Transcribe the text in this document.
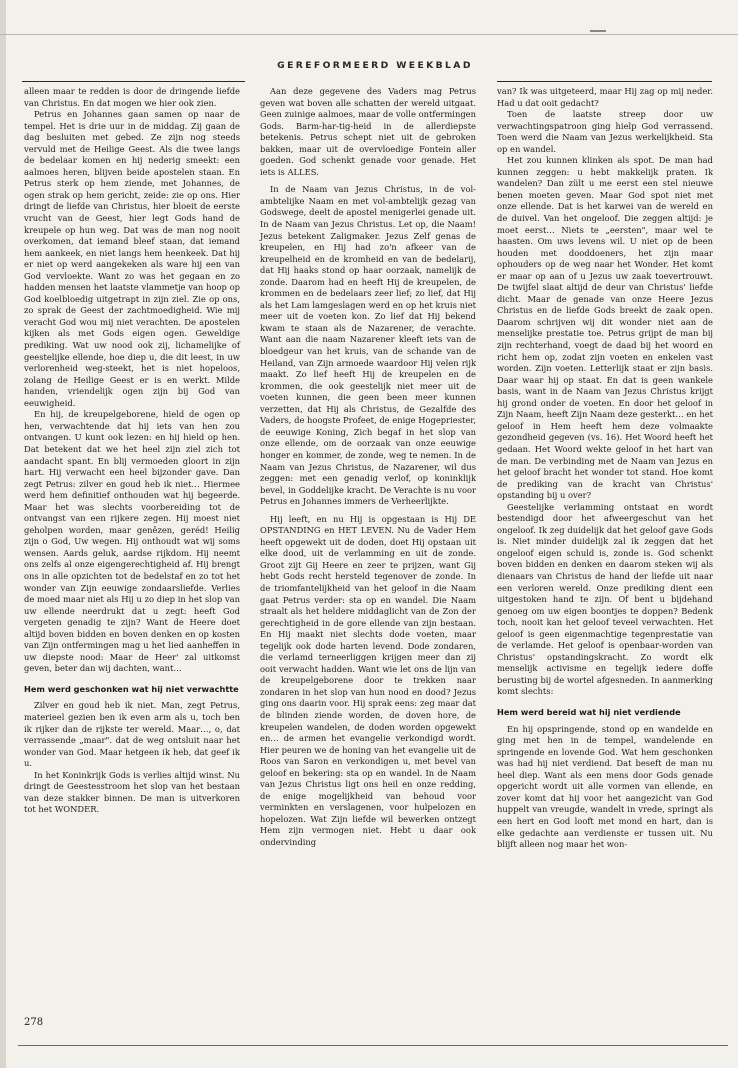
GEREFORMEERD WEEKBLAD

alleen maar te redden is door de dringende liefde van Christus. En dat mogen we hier ook zien.

Petrus en Johannes gaan samen op naar de tempel. Het is drie uur in de middag. Zij gaan de dag besluiten met gebed. Ze zijn nog steeds vervuld met de Heilige Geest. Als die twee langs de bedelaar komen en hij nederig smeekt: een aalmoes heren, blijven beide apostelen staan. En Petrus sterk op hem ziende, met Johannes, de ogen strak op hem gericht, zeide: zie op ons. Hier dringt de liefde van Christus, hier bloeit de eerste vrucht van de Geest, hier legt Gods hand de kreupele op hun weg. Dat was de man nog nooit overkomen, dat iemand bleef staan, dat iemand hem aankeek, en niet langs hem heenkeek. Dat hij er niet op werd aangekeken als ware hij een van God vervloekte. Want zo was het gegaan en zo hadden mensen het laatste vlammetje van hoop op God koelbloedig uitgetrapt in zijn ziel. Zie op ons, zo sprak de Geest der zachtmoedigheid. Wie mij veracht God wou mij niet verachten. De apostelen kijken als met Gods eigen ogen. Geweldige prediking. Wat uw nood ook zij, lichamelijke of geestelijke ellende, hoe diep u, die dit leest, in uw verlorenheid weg-steekt, het is niet hopeloos, zolang de Heilige Geest er is en werkt. Milde handen, vriendelijk ogen zijn bij God van eeuwigheid.

En hij, de kreupelgeborene, hield de ogen op hen, verwachtende dat hij iets van hen zou ontvangen. U kunt ook lezen: en hij hield op hen. Dat betekent dat we het heel zijn ziel zich tot aandacht spant. En blij vermoeden gloort in zijn hart. Hij verwacht een heel bijzonder gave. Dan zegt Petrus: zilver en goud heb ik niet… Hiermee werd hem definitief onthouden wat hij begeerde. Maar het was slechts voorbereiding tot de ontvangst van een rijkere zegen. Hij moest niet geholpen worden, maar genêzen, geréd! Heilig zijn o God, Uw wegen. Hij onthoudt wat wij soms wensen. Aards geluk, aardse rijkdom. Hij neemt ons zelfs al onze eigengerechtigheid af. Hij brengt ons in alle opzichten tot de bedelstaf en zo tot het wonder van Zijn eeuwige zondaarsliefde. Verlies de moed maar niet als Hij u zo diep in het slop van uw ellende neerdrukt dat u zegt: heeft God vergeten genadig te zijn? Want de Heere doet altijd boven bidden en boven denken en op kosten van Zijn ontfermingen mag u het lied aanheffen in uw diepste nood: Maar de Heer' zal uitkomst geven, beter dan wij dachten, want…

Hem werd geschonken wat hij niet verwachtte

Zilver en goud heb ik niet. Man, zegt Petrus, materieel gezien ben ik even arm als u, toch ben ik rijker dan de rijkste ter wereld. Maar…, o, dat verrassende „maar". dat de weg ontsluit naar het wonder van God. Maar hetgeen ik heb, dat geef ik u.

In het Koninkrijk Gods is verlies altijd winst. Nu dringt de Geestesstroom het slop van het bestaan van deze stakker binnen. De man is uitverkoren tot het WONDER.

Aan deze gegevene des Vaders mag Petrus geven wat boven alle schatten der wereld uitgaat. Geen zuinige aalmoes, maar de volle ontfermingen Gods. Barm-har-tig-heid in de allerdiepste betekenis. Petrus schept niet uit de gebroken bakken, maar uit de overvloedige Fontein aller goeden. God schenkt genade voor genade. Het iets is ALLES.

In de Naam van Jezus Christus, in de vol-ambtelijke Naam en met vol-ambtelijk gezag van Godswege, deelt de apostel menigerlei genade uit. In de Naam van Jezus Christus. Let op, die Naam! Jezus betekent Zaligmaker. Jezus Zelf genas de kreupelen, en Hij had zo'n afkeer van de kreupelheid en de kromheid en van de bedelarij, dat Hij haaks stond op haar oorzaak, namelijk de zonde. Daarom had en heeft Hij de kreupelen, de krommen en de bedelaars zeer lief; zo lief, dat Hij als het Lam lamgeslagen werd en op het kruis niet meer uit de voeten kon. Zo lief dat Hij bekend kwam te staan als de Nazarener, de verachte. Want aan die naam Nazarener kleeft iets van de bloedgeur van het kruis, van de schande van de Heiland, van Zijn armoede waardoor Hij velen rijk maakt. Zo lief heeft Hij de kreupelen en de krommen, die ook geestelijk niet meer uit de voeten kunnen, die geen been meer kunnen verzetten, dat Hij als Christus, de Gezalfde des Vaders, de hoogste Profeet, de enige Hogepriester, de eeuwige Koning, Zich begaf in het slop van onze ellende, om de oorzaak van onze eeuwige honger en kommer, de zonde, weg te nemen. In de Naam van Jezus Christus, de Nazarener, wil dus zeggen: met een genadig verlof, op koninklijk bevel, in Goddelijke kracht. De Verachte is nu voor Petrus en Johannes immers de Verheerlijkte.

Hij leeft, en nu Hij is opgestaan is Hij DE OPSTANDING en HET LEVEN. Nu de Vader Hem heeft opgewekt uit de doden, doet Hij opstaan uit elke dood, uit de verlamming en uit de zonde. Groot zijt Gij Heere en zeer te prijzen, want Gij hebt Gods recht hersteld tegenover de zonde. In de triomfantelijkheid van het geloof in die Naam gaat Petrus verder: sta op en wandel. Die Naam straalt als het heldere middaglicht van de Zon der gerechtigheid in de gore ellende van zijn bestaan. En Hij maakt niet slechts dode voeten, maar tegelijk ook dode harten levend. Dode zondaren, die verlamd terneerliggen krijgen meer dan zij ooit verwacht hadden. Want wie let ons de lijn van de kreupelgeborene door te trekken naar zondaren in het slop van hun nood en dood? Jezus ging ons daarin voor. Hij sprak eens: zeg maar dat de blinden ziende worden, de doven hore, de kreupelen wandelen, de doden worden opgewekt en… de armen het evangelie verkondigd wordt. Hier peuren we de honing van het evangelie uit de Roos van Saron en verkondigen u, met bevel van geloof en bekering: sta op en wandel. In de Naam van Jezus Christus ligt ons heil en onze redding, de enige mogelijkheid van behoud voor verminkten en verslagenen, voor hulpelozen en hopelozen. Wat Zijn liefde wil bewerken ontzegt Hem zijn vermogen niet. Hebt u daar ook ondervinding

van? Ik was uitgeteerd, maar Hij zag op mij neder. Had u dat ooit gedacht?

Toen de laatste streep door uw verwachtingspatroon ging hielp God verrassend. Toen werd die Naam van Jezus werkelijkheid. Sta op en wandel.

Het zou kunnen klinken als spot. De man had kunnen zeggen: u hebt makkelijk praten. Ik wandelen? Dan zült u me eerst een stel nieuwe benen moeten geven. Maar God spot niet met onze ellende. Dat is het karwei van de wereld en de duivel. Van het ongeloof. Die zeggen altijd: je moet eerst… Niets te „eersten", maar wel te haasten. Om uws levens wil. U niet op de been houden met dooddoeners, het zijn maar ophouders op de weg naar het Wonder. Het komt er maar op aan of u Jezus uw zaak toevertrouwt. De twijfel slaat altijd de deur van Christus' liefde dicht. Maar de genade van onze Heere Jezus Christus en de liefde Gods breekt de zaak open. Daarom schrijven wij dit wonder niet aan de menselijke prestatie toe. Petrus grijpt de man bij zijn rechterhand, voegt de daad bij het woord en richt hem op, zodat zijn voeten en enkelen vast worden. Zijn voeten. Letterlijk staat er zijn basis. Daar waar hij op staat. En dat is geen wankele basis, want in de Naam van Jezus Christus krijgt hij grond onder de voeten. En door het geloof in Zijn Naam, heeft Zijn Naam deze gesterkt… en het geloof in Hem heeft hem deze volmaakte gezondheid gegeven (vs. 16). Het Woord heeft het gedaan. Het Woord wekte geloof in het hart van de man. De verbinding met de Naam van Jezus en het geloof bracht het wonder tot stand. Hoe komt de prediking van de kracht van Christus' opstanding bij u over?

Geestelijke verlamming ontstaat en wordt bestendigd door het afweergeschut van het ongeloof. Ik zeg duidelijk dat het geloof gave Gods is. Niet minder duidelijk zal ik zeggen dat het ongeloof eigen schuld is, zonde is. God schenkt boven bidden en denken en daarom steken wij als dienaars van Christus de hand der liefde uit naar een verloren wereld. Onze prediking dient een uitgestoken hand te zijn. Of bent u bijdehand genoeg om uw eigen boontjes te doppen? Bedenk toch, nooit kan het geloof teveel verwachten. Het geloof is geen eigenmachtige tegenprestatie van de verlamde. Het geloof is openbaar-worden van Christus' opstandingskracht. Zo wordt elk menselijk activisme en tegelijk iedere doffe berusting bij de wortel afgesneden. In aanmerking komt slechts:

Hem werd bereid wat hij niet verdiende

En hij opspringende, stond op en wandelde en ging met hen in de tempel, wandelende en springende en lovende God. Wat hem geschonken was had hij niet verdiend. Dat beseft de man nu heel diep. Want als een mens door Gods genade opgericht wordt uit alle vormen van ellende, en zover komt dat hij voor het aangezicht van God huppelt van vreugde, wandelt in vrede, springt als een hert en God looft met mond en hart, dan is elke gedachte aan verdienste er tussen uit. Nu blijft alleen nog maar het won-

278
